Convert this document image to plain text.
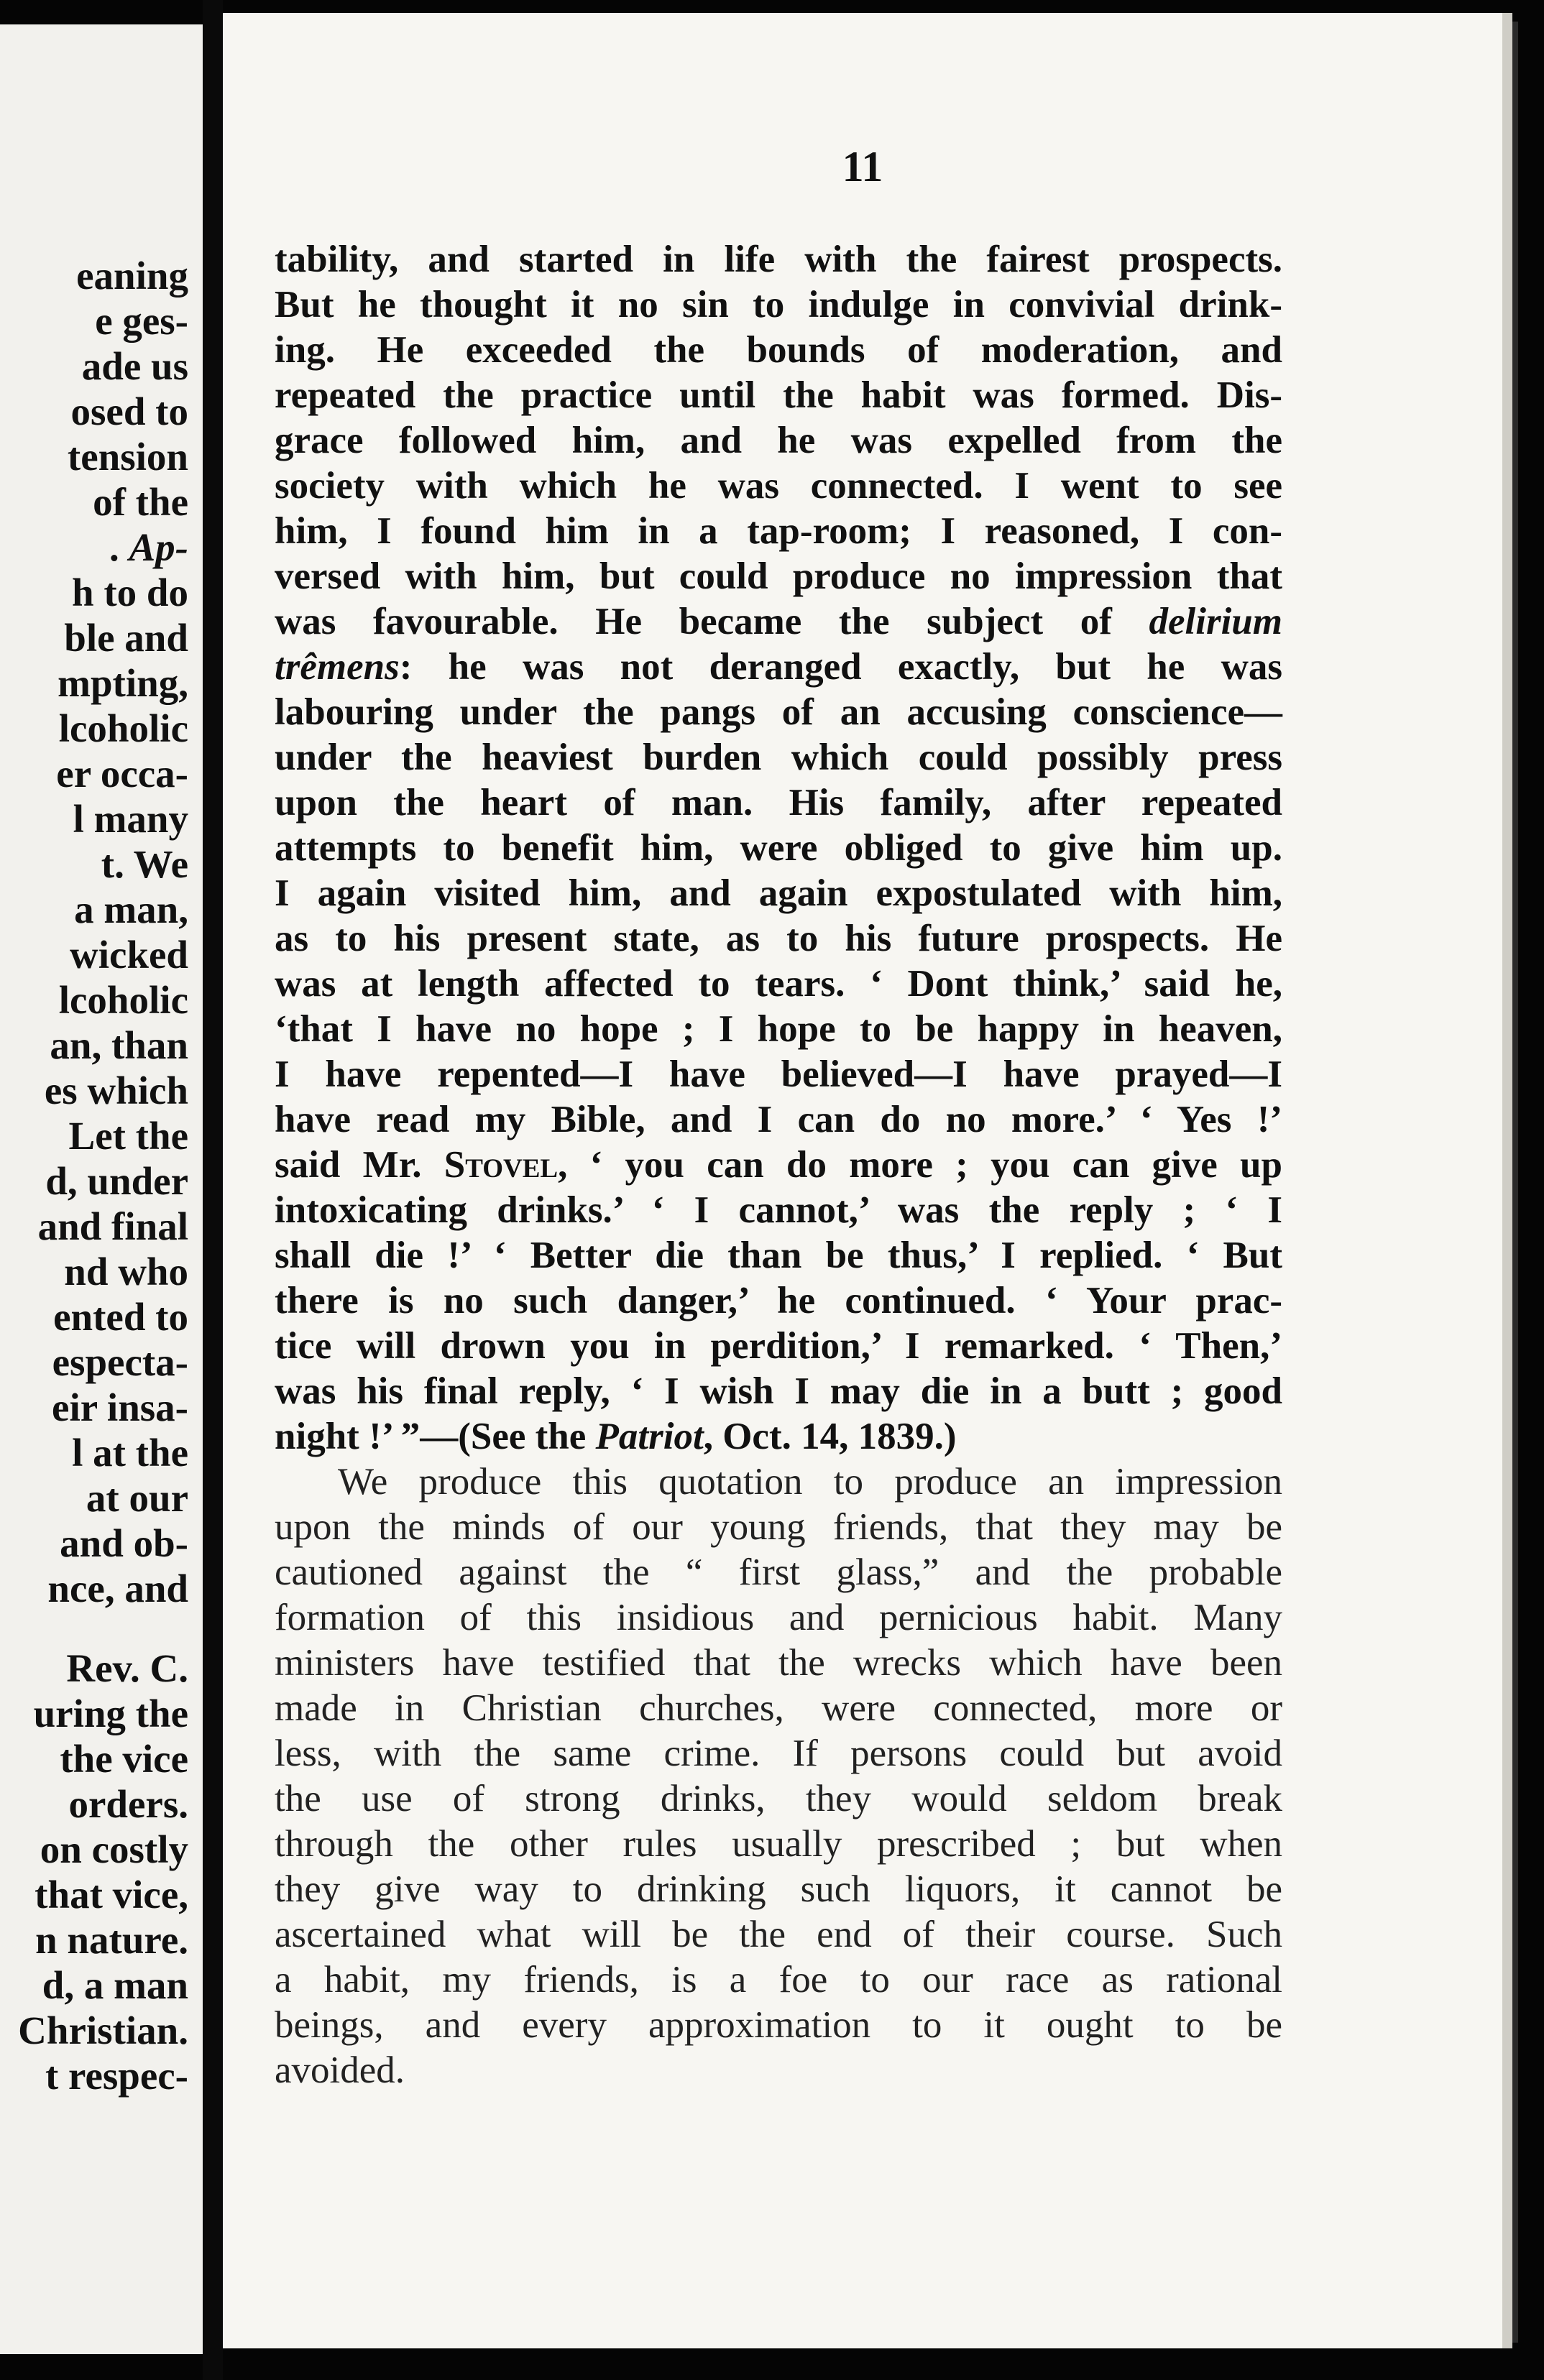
eaning
e ges-
ade us
osed to
tension
of the
. Ap-
h to do
ble and
mpting,
lcoholic
er occa-
l many
t. We
a man,
wicked
lcoholic
an, than
es which
Let the
d, under
and final
nd who
ented to
especta-
eir insa-
l at the
at our
and ob-
nce, and
Rev. C.
uring the
the vice
orders.
on costly
that vice,
n nature.
d, a man
Christian.
t respec-
11
tability, and started in life with the fairest prospects.
But he thought it no sin to indulge in convivial drink-
ing. He exceeded the bounds of moderation, and
repeated the practice until the habit was formed. Dis-
grace followed him, and he was expelled from the
society with which he was connected. I went to see
him, I found him in a tap-room; I reasoned, I con-
versed with him, but could produce no impression that
was favourable. He became the subject of delirium
trêmens: he was not deranged exactly, but he was
labouring under the pangs of an accusing conscience—
under the heaviest burden which could possibly press
upon the heart of man. His family, after repeated
attempts to benefit him, were obliged to give him up.
I again visited him, and again expostulated with him,
as to his present state, as to his future prospects. He
was at length affected to tears. ‘ Dont think,’ said he,
‘that I have no hope ; I hope to be happy in heaven,
I have repented—I have believed—I have prayed—I
have read my Bible, and I can do no more.’ ‘ Yes !’
said Mr. Stovel, ‘ you can do more ; you can give up
intoxicating drinks.’ ‘ I cannot,’ was the reply ; ‘ I
shall die !’ ‘ Better die than be thus,’ I replied. ‘ But
there is no such danger,’ he continued. ‘ Your prac-
tice will drown you in perdition,’ I remarked. ‘ Then,’
was his final reply, ‘ I wish I may die in a butt ; good
night !’ ”—(See the Patriot, Oct. 14, 1839.)
We produce this quotation to produce an impression
upon the minds of our young friends, that they may be
cautioned against the “ first glass,” and the probable
formation of this insidious and pernicious habit. Many
ministers have testified that the wrecks which have been
made in Christian churches, were connected, more or
less, with the same crime. If persons could but avoid
the use of strong drinks, they would seldom break
through the other rules usually prescribed ; but when
they give way to drinking such liquors, it cannot be
ascertained what will be the end of their course. Such
a habit, my friends, is a foe to our race as rational
beings, and every approximation to it ought to be
avoided.
